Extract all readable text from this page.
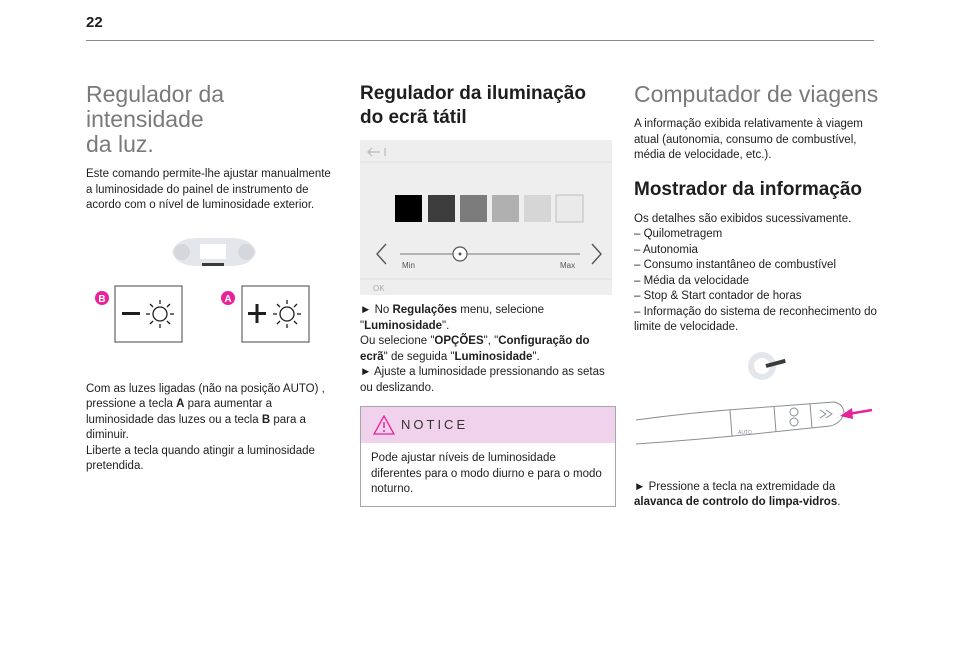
22
Regulador da intensidade
da luz.

Este comando permite-lhe ajustar manualmente a luminosidade do painel de instrumento de acordo com o nível de luminosidade exterior.

B	A

Com as luzes ligadas (não na posição AUTO) , pressione a tecla A para aumentar a luminosidade das luzes ou a tecla B para a diminuir.
Liberte a tecla quando atingir a luminosidade pretendida.

Regulador da iluminação do ecrã tátil
Min	Max
OK

► No Regulações menu, selecione "Luminosidade".
Ou selecione "OPÇÕES", "Configuração do ecrã" de seguida "Luminosidade".
► Ajuste a luminosidade pressionando as setas ou deslizando.

NOTICE

Pode ajustar níveis de luminosidade diferentes para o modo diurno e para o modo noturno.

Computador de viagens

A informação exibida relativamente à viagem atual (autonomia, consumo de combustível, média de velocidade, etc.).

Mostrador da informação

Os detalhes são exibidos sucessivamente.

– Quilometragem

– Autonomia

– Consumo instantâneo de combustível

– Média da velocidade

– Stop & Start contador de horas

– Informação do sistema de reconhecimento do limite de velocidade.

AUTO

► Pressione a tecla na extremidade da alavanca de controlo do limpa-vidros.
